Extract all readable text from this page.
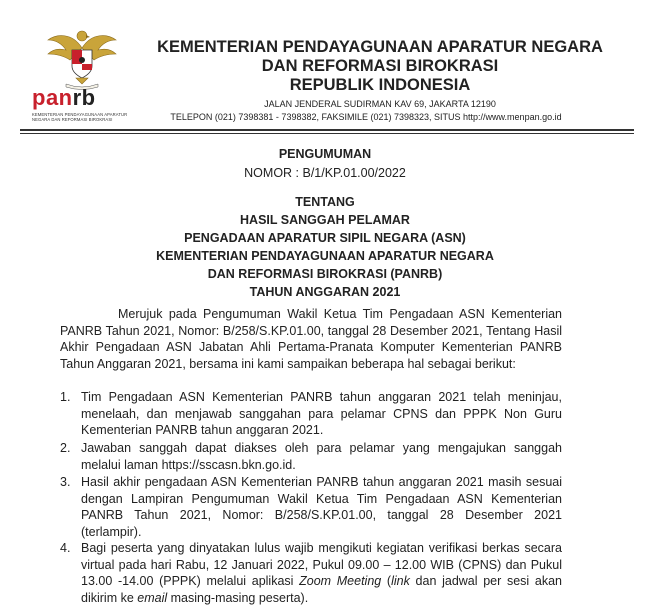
panrb
KEMENTERIAN PENDAYAGUNAAN APARATUR NEGARA DAN REFORMASI BIROKRASI
KEMENTERIAN PENDAYAGUNAAN APARATUR NEGARA
DAN REFORMASI BIROKRASI
REPUBLIK INDONESIA
JALAN JENDERAL SUDIRMAN KAV 69, JAKARTA 12190
TELEPON (021) 7398381 - 7398382, FAKSIMILE (021) 7398323, SITUS http://www.menpan.go.id
PENGUMUMAN
NOMOR : B/1/KP.01.00/2022
TENTANG
HASIL SANGGAH PELAMAR
PENGADAAN APARATUR SIPIL NEGARA (ASN)
KEMENTERIAN PENDAYAGUNAAN APARATUR NEGARA
DAN REFORMASI BIROKRASI (PANRB)
TAHUN ANGGARAN 2021
Merujuk pada Pengumuman Wakil Ketua Tim Pengadaan ASN Kementerian PANRB Tahun 2021, Nomor: B/258/S.KP.01.00, tanggal 28 Desember 2021, Tentang Hasil Akhir Pengadaan ASN Jabatan Ahli Pertama-Pranata Komputer Kementerian PANRB Tahun Anggaran 2021, bersama ini kami sampaikan beberapa hal sebagai berikut:
1. Tim Pengadaan ASN Kementerian PANRB tahun anggaran 2021 telah meninjau, menelaah, dan menjawab sanggahan para pelamar CPNS dan PPPK Non Guru Kementerian PANRB tahun anggaran 2021.
2. Jawaban sanggah dapat diakses oleh para pelamar yang mengajukan sanggah melalui laman https://sscasn.bkn.go.id.
3. Hasil akhir pengadaan ASN Kementerian PANRB tahun anggaran 2021 masih sesuai dengan Lampiran Pengumuman Wakil Ketua Tim Pengadaan ASN Kementerian PANRB Tahun 2021, Nomor: B/258/S.KP.01.00, tanggal 28 Desember 2021 (terlampir).
4. Bagi peserta yang dinyatakan lulus wajib mengikuti kegiatan verifikasi berkas secara virtual pada hari Rabu, 12 Januari 2022, Pukul 09.00 – 12.00 WIB (CPNS) dan Pukul 13.00 -14.00 (PPPK) melalui aplikasi Zoom Meeting (link dan jadwal per sesi akan dikirim ke email masing-masing peserta).
